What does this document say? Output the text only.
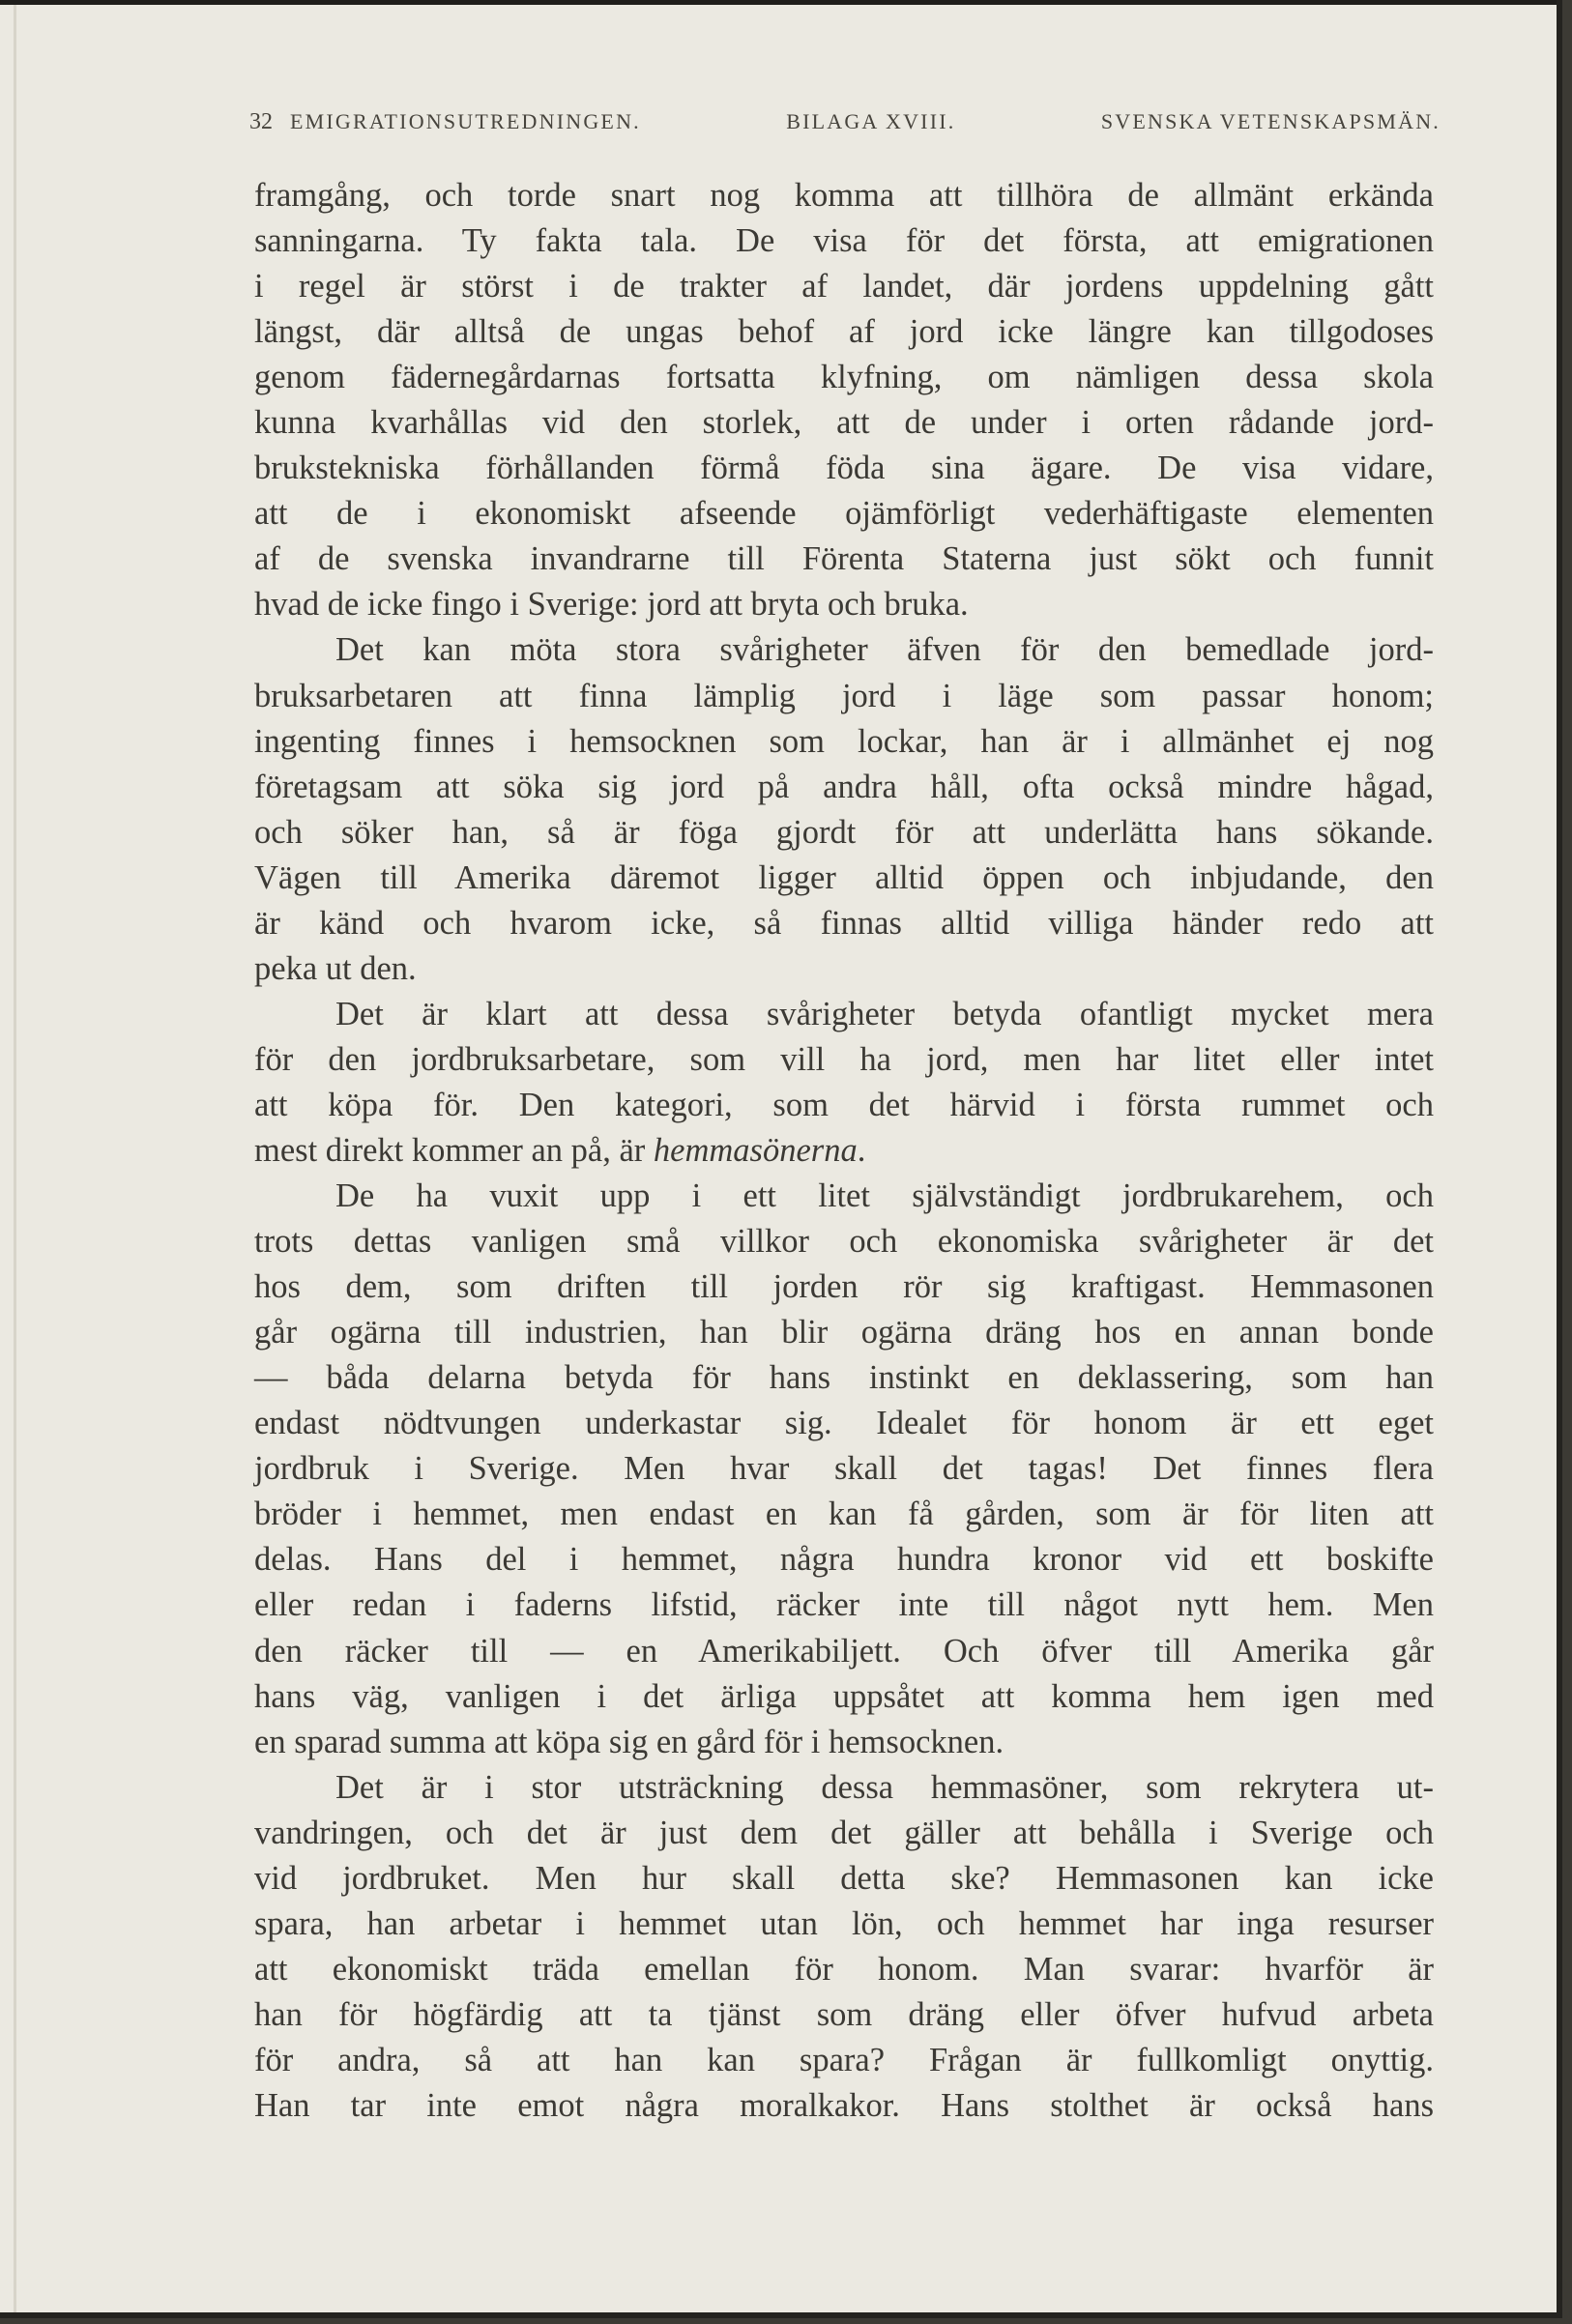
32 EMIGRATIONSUTREDNINGEN.	BILAGA XVIII.	SVENSKA VETENSKAPSMÄN.
framgång, och torde snart nog komma att tillhöra de allmänt erkända
sanningarna. Ty fakta tala. De visa för det första, att emigrationen
i regel är störst i de trakter af landet, där jordens uppdelning gått
längst, där alltså de ungas behof af jord icke längre kan tillgodoses
genom fädernegårdarnas fortsatta klyfning, om nämligen dessa skola
kunna kvarhållas vid den storlek, att de under i orten rådande jord-
brukstekniska förhållanden förmå föda sina ägare. De visa vidare,
att de i ekonomiskt afseende ojämförligt vederhäftigaste elementen
af de svenska invandrarne till Förenta Staterna just sökt och funnit
hvad de icke fingo i Sverige: jord att bryta och bruka.
Det kan möta stora svårigheter äfven för den bemedlade jord-
bruksarbetaren att finna lämplig jord i läge som passar honom;
ingenting finnes i hemsocknen som lockar, han är i allmänhet ej nog
företagsam att söka sig jord på andra håll, ofta också mindre hågad,
och söker han, så är föga gjordt för att underlätta hans sökande.
Vägen till Amerika däremot ligger alltid öppen och inbjudande, den
är känd och hvarom icke, så finnas alltid villiga händer redo att
peka ut den.
Det är klart att dessa svårigheter betyda ofantligt mycket mera
för den jordbruksarbetare, som vill ha jord, men har litet eller intet
att köpa för. Den kategori, som det härvid i första rummet och
mest direkt kommer an på, är hemmasönerna.
De ha vuxit upp i ett litet självständigt jordbrukarehem, och
trots dettas vanligen små villkor och ekonomiska svårigheter är det
hos dem, som driften till jorden rör sig kraftigast. Hemmasonen
går ogärna till industrien, han blir ogärna dräng hos en annan bonde
— båda delarna betyda för hans instinkt en deklassering, som han
endast nödtvungen underkastar sig. Idealet för honom är ett eget
jordbruk i Sverige. Men hvar skall det tagas! Det finnes flera
bröder i hemmet, men endast en kan få gården, som är för liten att
delas. Hans del i hemmet, några hundra kronor vid ett boskifte
eller redan i faderns lifstid, räcker inte till något nytt hem. Men
den räcker till — en Amerikabiljett. Och öfver till Amerika går
hans väg, vanligen i det ärliga uppsåtet att komma hem igen med
en sparad summa att köpa sig en gård för i hemsocknen.
Det är i stor utsträckning dessa hemmasöner, som rekrytera ut-
vandringen, och det är just dem det gäller att behålla i Sverige och
vid jordbruket. Men hur skall detta ske? Hemmasonen kan icke
spara, han arbetar i hemmet utan lön, och hemmet har inga resurser
att ekonomiskt träda emellan för honom. Man svarar: hvarför är
han för högfärdig att ta tjänst som dräng eller öfver hufvud arbeta
för andra, så att han kan spara? Frågan är fullkomligt onyttig.
Han tar inte emot några moralkakor. Hans stolthet är också hans
